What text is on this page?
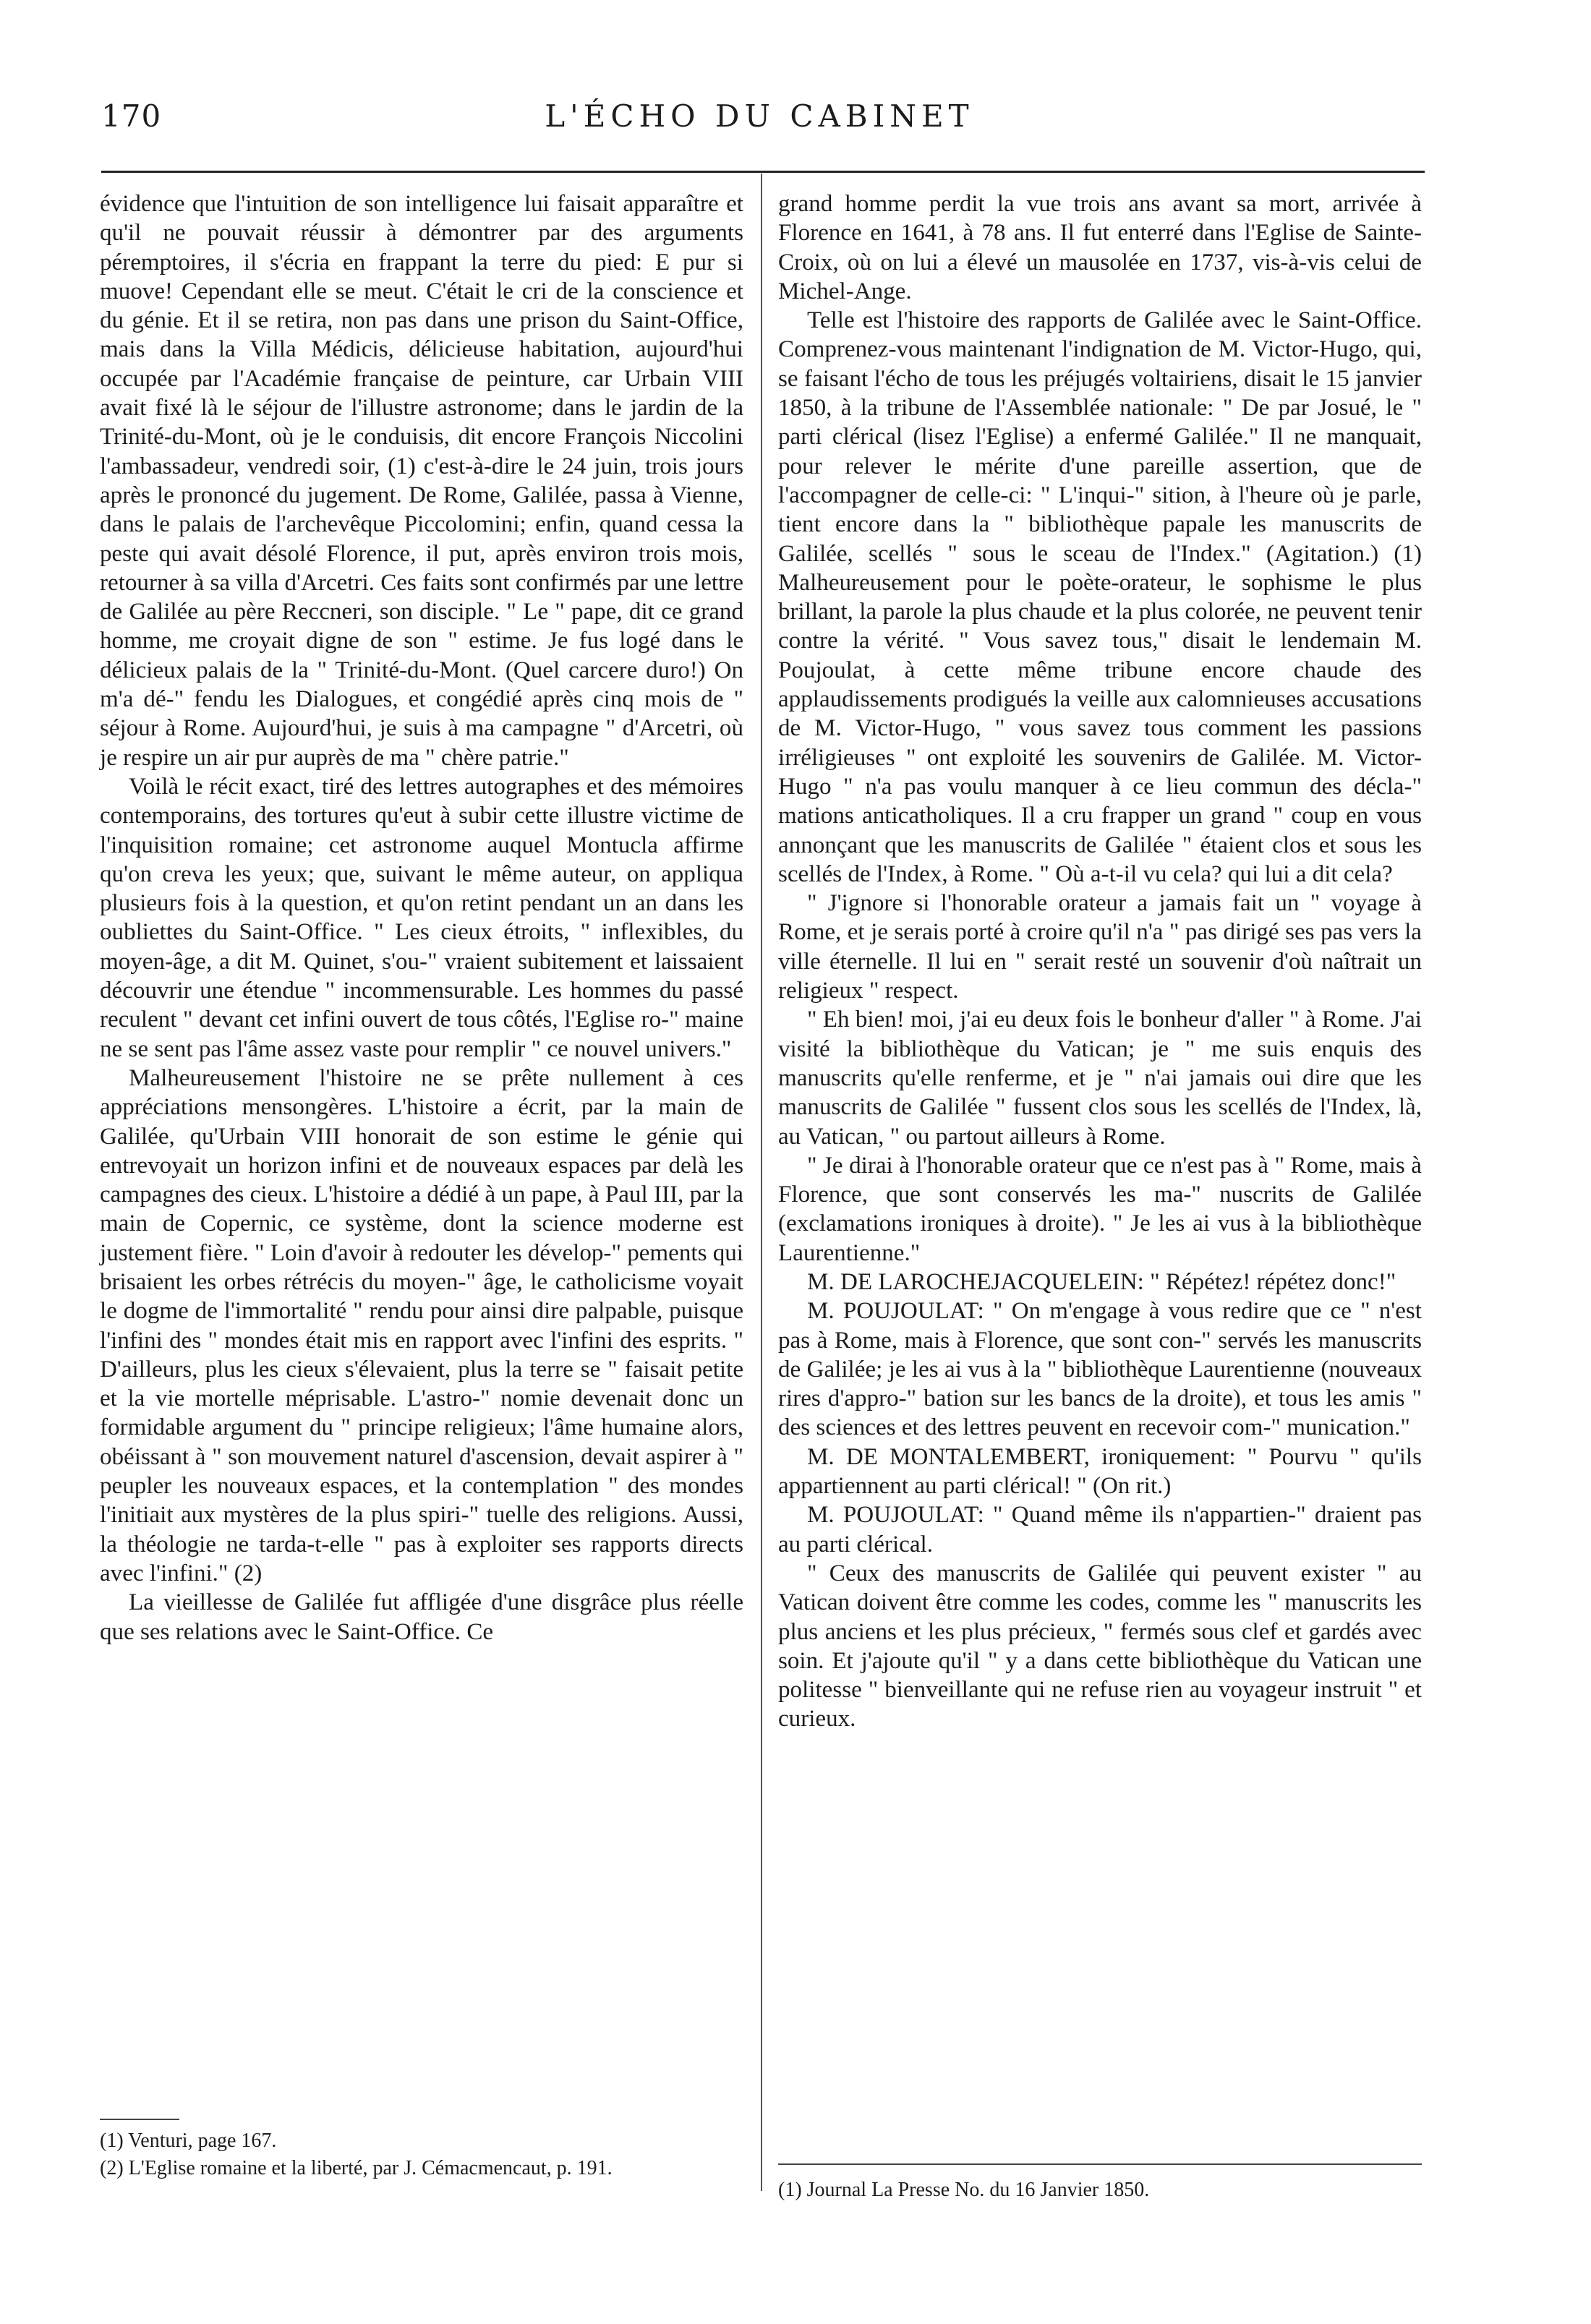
170	L'ÉCHO DU CABINET

évidence que l'intuition de son intelligence lui faisait apparaître et qu'il ne pouvait réussir à démontrer par des arguments péremptoires, il s'écria en frappant la terre du pied: E pur si muove! Cependant elle se meut. C'était le cri de la conscience et du génie. Et il se retira, non pas dans une prison du Saint-Office, mais dans la Villa Médicis, délicieuse habitation, aujourd'hui occupée par l'Académie française de peinture, car Urbain VIII avait fixé là le séjour de l'illustre astronome; dans le jardin de la Trinité-du-Mont, où je le conduisis, dit encore François Niccolini l'ambassadeur, vendredi soir, (1) c'est-à-dire le 24 juin, trois jours après le prononcé du jugement. De Rome, Galilée, passa à Vienne, dans le palais de l'archevêque Piccolomini; enfin, quand cessa la peste qui avait désolé Florence, il put, après environ trois mois, retourner à sa villa d'Arcetri. Ces faits sont confirmés par une lettre de Galilée au père Reccneri, son disciple. " Le " pape, dit ce grand homme, me croyait digne de son " estime. Je fus logé dans le délicieux palais de la " Trinité-du-Mont. (Quel carcere duro!) On m'a dé-" fendu les Dialogues, et congédié après cinq mois de " séjour à Rome. Aujourd'hui, je suis à ma campagne " d'Arcetri, où je respire un air pur auprès de ma " chère patrie."

Voilà le récit exact, tiré des lettres autographes et des mémoires contemporains, des tortures qu'eut à subir cette illustre victime de l'inquisition romaine; cet astronome auquel Montucla affirme qu'on creva les yeux; que, suivant le même auteur, on appliqua plusieurs fois à la question, et qu'on retint pendant un an dans les oubliettes du Saint-Office. " Les cieux étroits, " inflexibles, du moyen-âge, a dit M. Quinet, s'ou-" vraient subitement et laissaient découvrir une étendue " incommensurable. Les hommes du passé reculent " devant cet infini ouvert de tous côtés, l'Eglise ro-" maine ne se sent pas l'âme assez vaste pour remplir " ce nouvel univers."

Malheureusement l'histoire ne se prête nullement à ces appréciations mensongères. L'histoire a écrit, par la main de Galilée, qu'Urbain VIII honorait de son estime le génie qui entrevoyait un horizon infini et de nouveaux espaces par delà les campagnes des cieux. L'histoire a dédié à un pape, à Paul III, par la main de Copernic, ce système, dont la science moderne est justement fière. " Loin d'avoir à redouter les dévelop-" pements qui brisaient les orbes rétrécis du moyen-" âge, le catholicisme voyait le dogme de l'immortalité " rendu pour ainsi dire palpable, puisque l'infini des " mondes était mis en rapport avec l'infini des esprits. " D'ailleurs, plus les cieux s'élevaient, plus la terre se " faisait petite et la vie mortelle méprisable. L'astro-" nomie devenait donc un formidable argument du " principe religieux; l'âme humaine alors, obéissant à " son mouvement naturel d'ascension, devait aspirer à " peupler les nouveaux espaces, et la contemplation " des mondes l'initiait aux mystères de la plus spiri-" tuelle des religions. Aussi, la théologie ne tarda-t-elle " pas à exploiter ses rapports directs avec l'infini." (2)

La vieillesse de Galilée fut affligée d'une disgrâce plus réelle que ses relations avec le Saint-Office. Ce

grand homme perdit la vue trois ans avant sa mort, arrivée à Florence en 1641, à 78 ans. Il fut enterré dans l'Eglise de Sainte-Croix, où on lui a élevé un mausolée en 1737, vis-à-vis celui de Michel-Ange.

Telle est l'histoire des rapports de Galilée avec le Saint-Office. Comprenez-vous maintenant l'indignation de M. Victor-Hugo, qui, se faisant l'écho de tous les préjugés voltairiens, disait le 15 janvier 1850, à la tribune de l'Assemblée nationale: " De par Josué, le " parti clérical (lisez l'Eglise) a enfermé Galilée." Il ne manquait, pour relever le mérite d'une pareille assertion, que de l'accompagner de celle-ci: " L'inqui-" sition, à l'heure où je parle, tient encore dans la " bibliothèque papale les manuscrits de Galilée, scellés " sous le sceau de l'Index." (Agitation.) (1) Malheureusement pour le poète-orateur, le sophisme le plus brillant, la parole la plus chaude et la plus colorée, ne peuvent tenir contre la vérité. " Vous savez tous," disait le lendemain M. Poujoulat, à cette même tribune encore chaude des applaudissements prodigués la veille aux calomnieuses accusations de M. Victor-Hugo, " vous savez tous comment les passions irréligieuses " ont exploité les souvenirs de Galilée. M. Victor-Hugo " n'a pas voulu manquer à ce lieu commun des décla-" mations anticatholiques. Il a cru frapper un grand " coup en vous annonçant que les manuscrits de Galilée " étaient clos et sous les scellés de l'Index, à Rome. " Où a-t-il vu cela? qui lui a dit cela?

" J'ignore si l'honorable orateur a jamais fait un " voyage à Rome, et je serais porté à croire qu'il n'a " pas dirigé ses pas vers la ville éternelle. Il lui en " serait resté un souvenir d'où naîtrait un religieux " respect.

" Eh bien! moi, j'ai eu deux fois le bonheur d'aller " à Rome. J'ai visité la bibliothèque du Vatican; je " me suis enquis des manuscrits qu'elle renferme, et je " n'ai jamais oui dire que les manuscrits de Galilée " fussent clos sous les scellés de l'Index, là, au Vatican, " ou partout ailleurs à Rome.

" Je dirai à l'honorable orateur que ce n'est pas à " Rome, mais à Florence, que sont conservés les ma-" nuscrits de Galilée (exclamations ironiques à droite). " Je les ai vus à la bibliothèque Laurentienne."

M. DE LAROCHEJACQUELEIN: " Répétez! répétez donc!"

M. POUJOULAT: " On m'engage à vous redire que ce " n'est pas à Rome, mais à Florence, que sont con-" servés les manuscrits de Galilée; je les ai vus à la " bibliothèque Laurentienne (nouveaux rires d'appro-" bation sur les bancs de la droite), et tous les amis " des sciences et des lettres peuvent en recevoir com-" munication."

M. DE MONTALEMBERT, ironiquement: " Pourvu " qu'ils appartiennent au parti clérical! " (On rit.)

M. POUJOULAT: " Quand même ils n'appartien-" draient pas au parti clérical.

" Ceux des manuscrits de Galilée qui peuvent exister " au Vatican doivent être comme les codes, comme les " manuscrits les plus anciens et les plus précieux, " fermés sous clef et gardés avec soin. Et j'ajoute qu'il " y a dans cette bibliothèque du Vatican une politesse " bienveillante qui ne refuse rien au voyageur instruit " et curieux.

(1) Venturi, page 167.

(2) L'Eglise romaine et la liberté, par J. Cémacmencaut, p. 191.

(1) Journal La Presse No. du 16 Janvier 1850.
